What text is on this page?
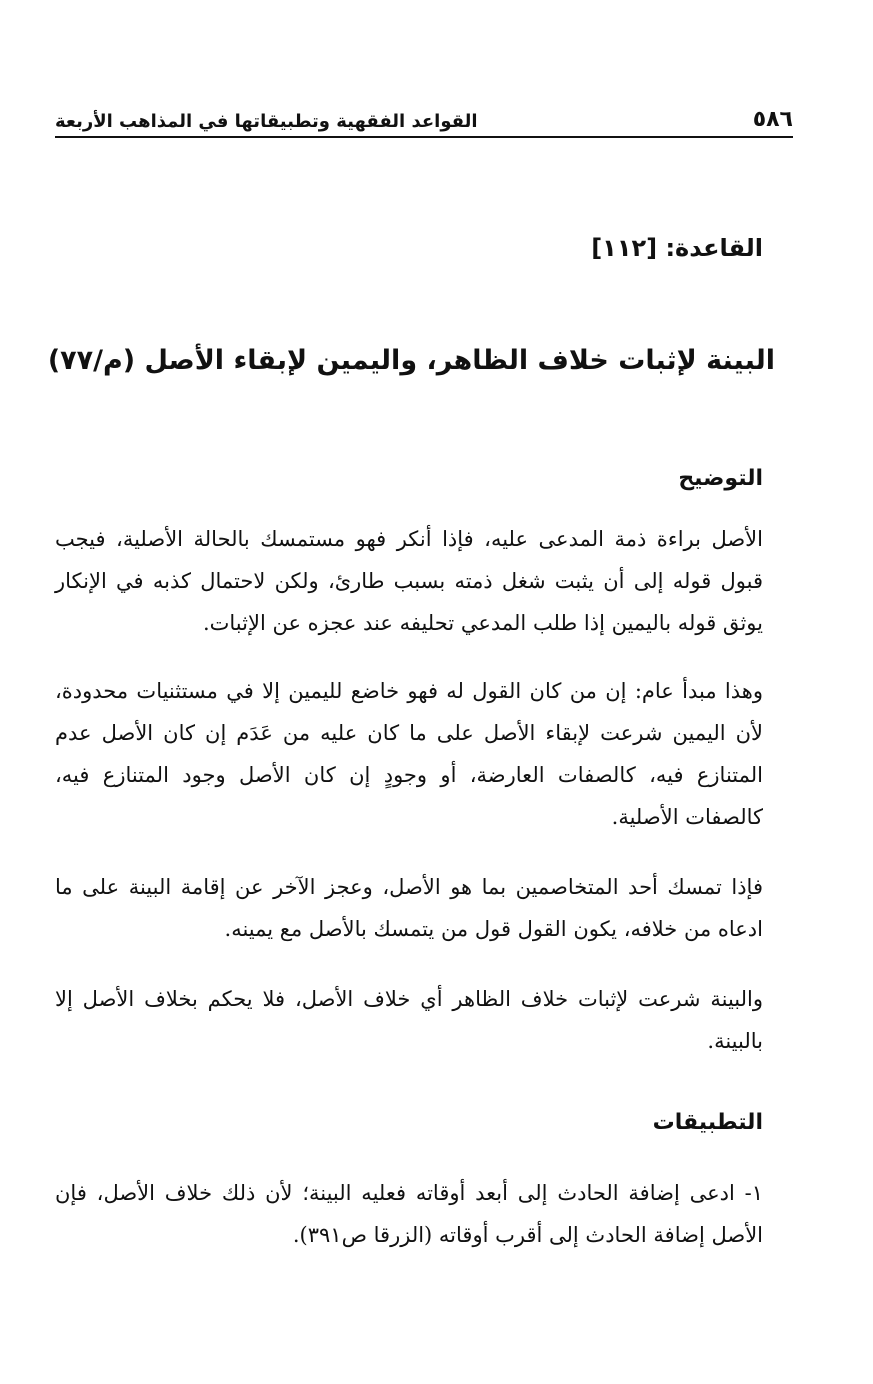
٥٨٦
القواعد الفقهية وتطبيقاتها في المذاهب الأربعة
القاعدة: [١١٢]
البينة لإثبات خلاف الظاهر، واليمين لإبقاء الأصل (م/٧٧)
التوضيح
الأصل براءة ذمة المدعى عليه، فإذا أنكر فهو مستمسك بالحالة الأصلية، فيجب قبول قوله إلى أن يثبت شغل ذمته بسبب طارئ، ولكن لاحتمال كذبه في الإنكار يوثق قوله باليمين إذا طلب المدعي تحليفه عند عجزه عن الإثبات.
وهذا مبدأ عام: إن من كان القول له فهو خاضع لليمين إلا في مستثنيات محدودة، لأن اليمين شرعت لإبقاء الأصل على ما كان عليه من عَدَم إن كان الأصل عدم المتنازع فيه، كالصفات العارضة، أو وجودٍ إن كان الأصل وجود المتنازع فيه، كالصفات الأصلية.
فإذا تمسك أحد المتخاصمين بما هو الأصل، وعجز الآخر عن إقامة البينة على ما ادعاه من خلافه، يكون القول قول من يتمسك بالأصل مع يمينه.
والبينة شرعت لإثبات خلاف الظاهر أي خلاف الأصل، فلا يحكم بخلاف الأصل إلا بالبينة.
التطبيقات
١- ادعى إضافة الحادث إلى أبعد أوقاته فعليه البينة؛ لأن ذلك خلاف الأصل، فإن الأصل إضافة الحادث إلى أقرب أوقاته (الزرقا ص٣٩١).
